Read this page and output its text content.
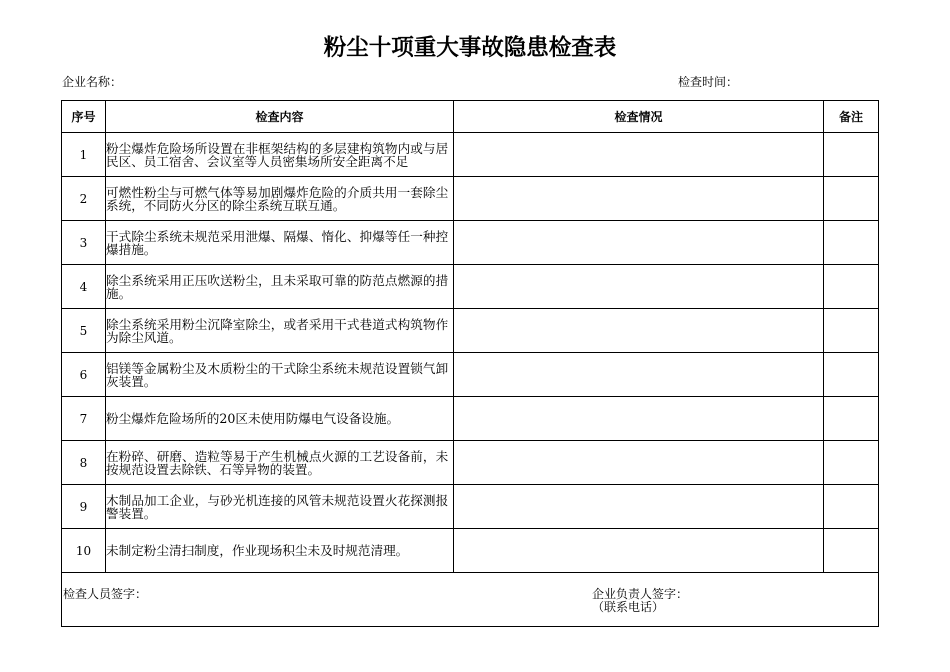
粉尘十项重大事故隐患检查表
企业名称：	检查时间：
序号	检查内容	检查情况	备注
1	粉尘爆炸危险场所设置在非框架结构的多层建构筑物内或与居民区、员工宿舍、会议室等人员密集场所安全距离不足		

2	可燃性粉尘与可燃气体等易加剧爆炸危险的介质共用一套除尘系统，不同防火分区的除尘系统互联互通。		

3	干式除尘系统未规范采用泄爆、隔爆、惰化、抑爆等任一种控爆措施。		

4	除尘系统采用正压吹送粉尘，且未采取可靠的防范点燃源的措施。		

5	除尘系统采用粉尘沉降室除尘，或者采用干式巷道式构筑物作为除尘风道。		

6	铝镁等金属粉尘及木质粉尘的干式除尘系统未规范设置锁气卸灰装置。		

7	粉尘爆炸危险场所的20区未使用防爆电气设备设施。		

8	在粉碎、研磨、造粒等易于产生机械点火源的工艺设备前，未按规范设置去除铁、石等异物的装置。		

9	木制品加工企业，与砂光机连接的风管未规范设置火花探测报警装置。		

10	未制定粉尘清扫制度，作业现场积尘未及时规范清理。		

检查人员签字： 企业负责人签字：
（联系电话）			
